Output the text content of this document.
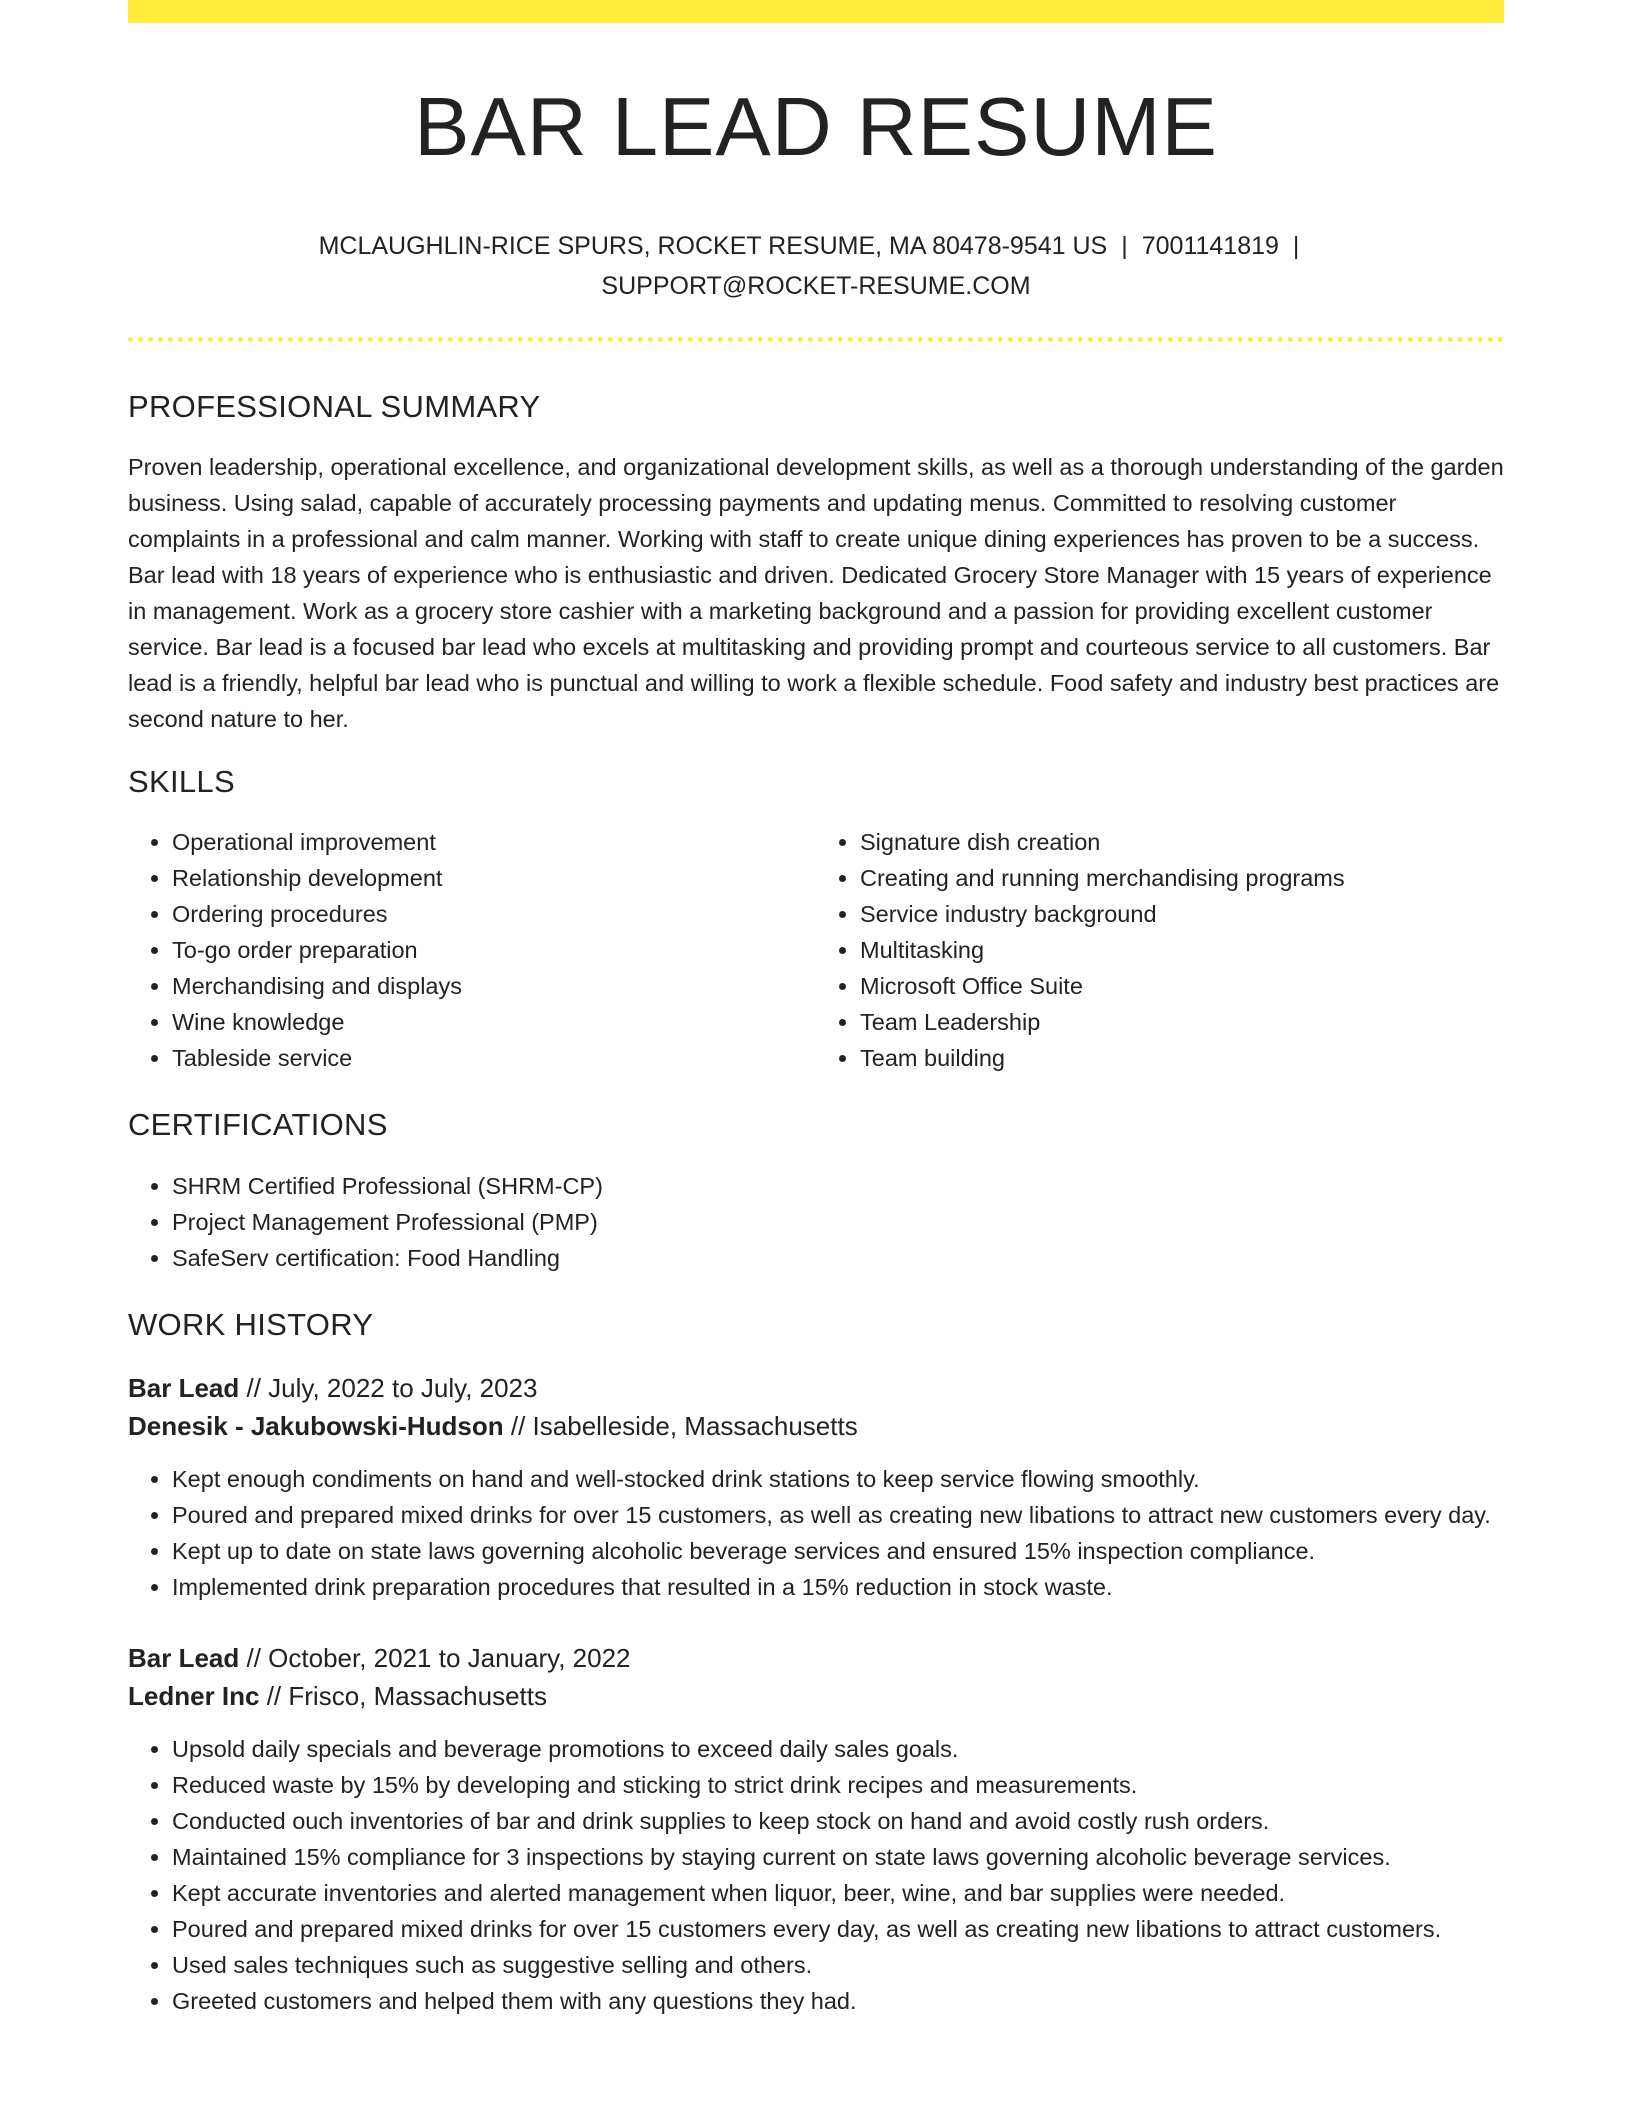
BAR LEAD RESUME
MCLAUGHLIN-RICE SPURS, ROCKET RESUME, MA 80478-9541 US | 7001141819 |
SUPPORT@ROCKET-RESUME.COM
PROFESSIONAL SUMMARY

Proven leadership, operational excellence, and organizational development skills, as well as a thorough understanding of the garden business. Using salad, capable of accurately processing payments and updating menus. Committed to resolving customer complaints in a professional and calm manner. Working with staff to create unique dining experiences has proven to be a success. Bar lead with 18 years of experience who is enthusiastic and driven. Dedicated Grocery Store Manager with 15 years of experience in management. Work as a grocery store cashier with a marketing background and a passion for providing excellent customer service. Bar lead is a focused bar lead who excels at multitasking and providing prompt and courteous service to all customers. Bar lead is a friendly, helpful bar lead who is punctual and willing to work a flexible schedule. Food safety and industry best practices are second nature to her.

SKILLS
• Operational improvement
• Relationship development
• Ordering procedures
• To-go order preparation
• Merchandising and displays
• Wine knowledge
• Tableside service
• Signature dish creation
• Creating and running merchandising programs
• Service industry background
• Multitasking
• Microsoft Office Suite
• Team Leadership
• Team building
CERTIFICATIONS
• SHRM Certified Professional (SHRM-CP)
• Project Management Professional (PMP)
• SafeServ certification: Food Handling
WORK HISTORY
Bar Lead // July, 2022 to July, 2023
Denesik - Jakubowski-Hudson // Isabelleside, Massachusetts
• Kept enough condiments on hand and well-stocked drink stations to keep service flowing smoothly.
• Poured and prepared mixed drinks for over 15 customers, as well as creating new libations to attract new customers every day.
• Kept up to date on state laws governing alcoholic beverage services and ensured 15% inspection compliance.
• Implemented drink preparation procedures that resulted in a 15% reduction in stock waste.
Bar Lead // October, 2021 to January, 2022
Ledner Inc // Frisco, Massachusetts
• Upsold daily specials and beverage promotions to exceed daily sales goals.
• Reduced waste by 15% by developing and sticking to strict drink recipes and measurements.
• Conducted ouch inventories of bar and drink supplies to keep stock on hand and avoid costly rush orders.
• Maintained 15% compliance for 3 inspections by staying current on state laws governing alcoholic beverage services.
• Kept accurate inventories and alerted management when liquor, beer, wine, and bar supplies were needed.
• Poured and prepared mixed drinks for over 15 customers every day, as well as creating new libations to attract customers.
• Used sales techniques such as suggestive selling and others.
• Greeted customers and helped them with any questions they had.
